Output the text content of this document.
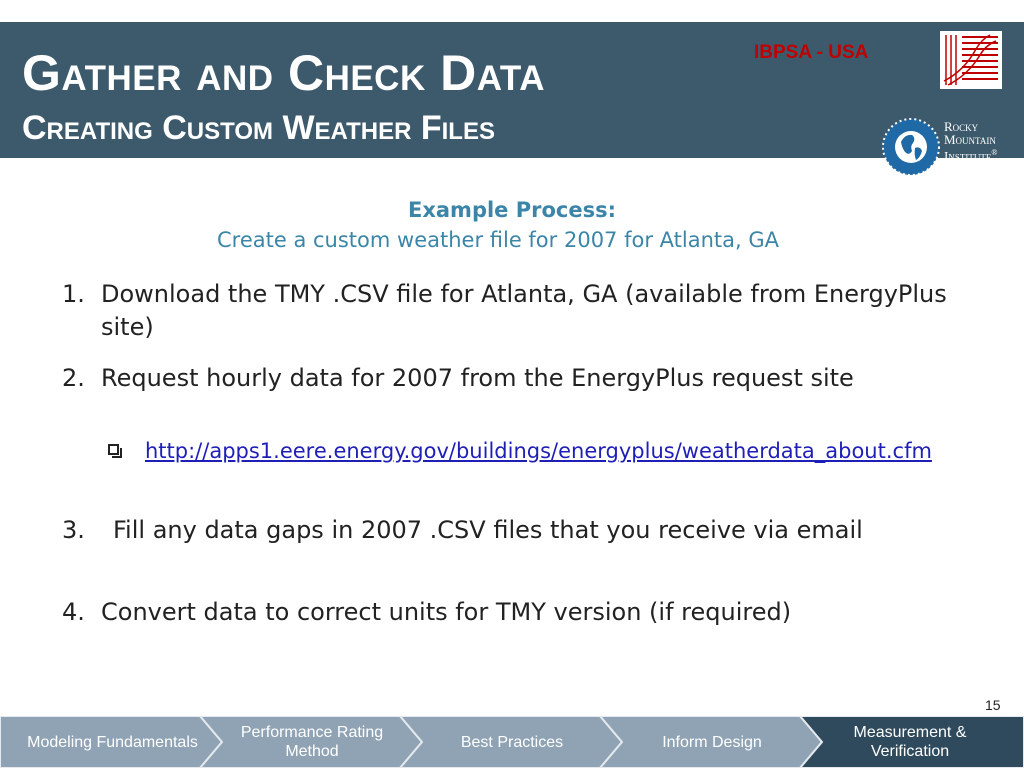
Gather and Check Data
Creating Custom Weather Files
IBPSA - USA
Rocky
Mountain
Institute®
Example Process:
Create a custom weather file for 2007 for Atlanta, GA
1. Download the TMY .CSV file for Atlanta, GA (available from EnergyPlus site)
2. Request hourly data for 2007 from the EnergyPlus request site
http://apps1.eere.energy.gov/buildings/energyplus/weatherdata_about.cfm
3.	Fill any data gaps in 2007 .CSV files that you receive via email
4. Convert data to correct units for TMY version (if required)
15
Modeling Fundamentals
Performance Rating Method
Best Practices	Inform Design
Measurement & Verification
